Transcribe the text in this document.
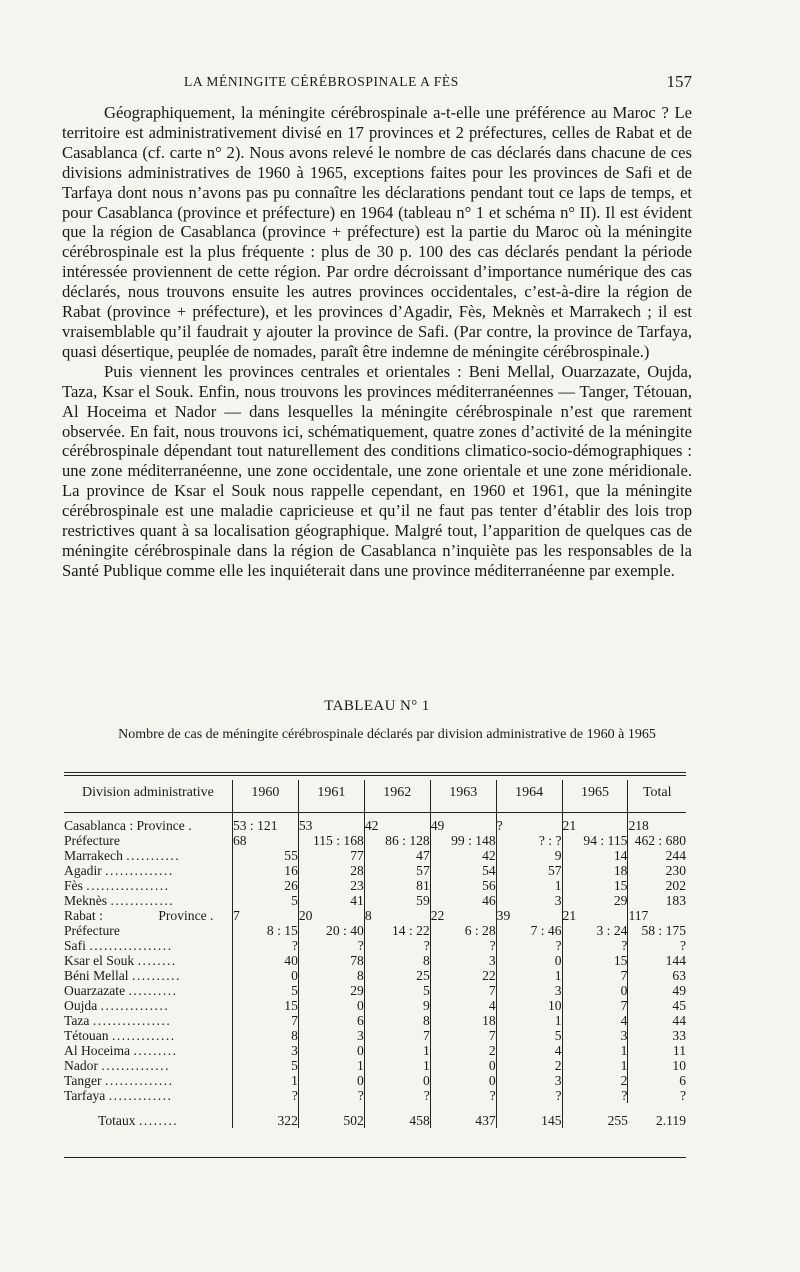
LA MÉNINGITE CÉRÉBROSPINALE A FÈS	157

Géographiquement, la méningite cérébrospinale a-t-elle une préférence au Maroc ? Le territoire est administrativement divisé en 17 provinces et 2 préfectures, celles de Rabat et de Casablanca (cf. carte n° 2). Nous avons relevé le nombre de cas déclarés dans chacune de ces divisions administratives de 1960 à 1965, exceptions faites pour les provinces de Safi et de Tarfaya dont nous n’avons pas pu connaître les déclarations pendant tout ce laps de temps, et pour Casablanca (province et préfecture) en 1964 (tableau n° 1 et schéma n° II). Il est évident que la région de Casablanca (province + préfecture) est la partie du Maroc où la méningite cérébrospinale est la plus fréquente : plus de 30 p. 100 des cas déclarés pendant la période intéressée proviennent de cette région. Par ordre décroissant d’importance numérique des cas déclarés, nous trouvons ensuite les autres provinces occidentales, c’est-à-dire la région de Rabat (province + préfecture), et les provinces d’Agadir, Fès, Meknès et Marrakech ; il est vraisemblable qu’il faudrait y ajouter la province de Safi. (Par contre, la province de Tarfaya, quasi désertique, peuplée de nomades, paraît être indemne de méningite cérébrospinale.)

Puis viennent les provinces centrales et orientales : Beni Mellal, Ouarzazate, Oujda, Taza, Ksar el Souk. Enfin, nous trouvons les provinces méditerranéennes — Tanger, Tétouan, Al Hoceima et Nador — dans lesquelles la méningite cérébrospinale n’est que rarement observée. En fait, nous trouvons ici, schématiquement, quatre zones d’activité de la méningite cérébrospinale dépendant tout naturellement des conditions climatico-socio-démographiques : une zone méditerranéenne, une zone occidentale, une zone orientale et une zone méridionale. La province de Ksar el Souk nous rappelle cependant, en 1960 et 1961, que la méningite cérébrospinale est une maladie capricieuse et qu’il ne faut pas tenter d’établir des lois trop restrictives quant à sa localisation géographique. Malgré tout, l’apparition de quelques cas de méningite cérébrospinale dans la région de Casablanca n’inquiète pas les responsables de la Santé Publique comme elle les inquiéterait dans une province méditerranéenne par exemple.

TABLEAU N° 1
Nombre de cas de méningite cérébrospinale déclarés par division administrative de 1960 à 1965
Division administrative	1960	1961	1962	1963	1964	1965	Total

Casablanca : Province .	53 : 121	53	42	49	?	21	218
Préfecture	68	115 : 168	86 : 128	99 : 148	? : ?	94 : 115	462 : 680
Marrakech ...........	55	77	47	42	9	14	244
Agadir ..............	16	28	57	54	57	18	230
Fès .................	26	23	81	56	1	15	202
Meknès .............	5	41	59	46	3	29	183
Rabat : Province .	7	20	8	22	39	21	117
Préfecture	8 : 15	20 : 40	14 : 22	6 : 28	7 : 46	3 : 24	58 : 175
Safi .................	?	?	?	?	?	?	?
Ksar el Souk ........	40	78	8	3	0	15	144
Béni Mellal ..........	0	8	25	22	1	7	63
Ouarzazate ..........	5	29	5	7	3	0	49
Oujda ..............	15	0	9	4	10	7	45
Taza ................	7	6	8	18	1	4	44
Tétouan .............	8	3	7	7	5	3	33
Al Hoceima .........	3	0	1	2	4	1	11
Nador ..............	5	1	1	0	2	1	10
Tanger ..............	1	0	0	0	3	2	6
Tarfaya .............	?	?	?	?	?	?	?

Totaux ........	322	502	458	437	145	255	2.119
